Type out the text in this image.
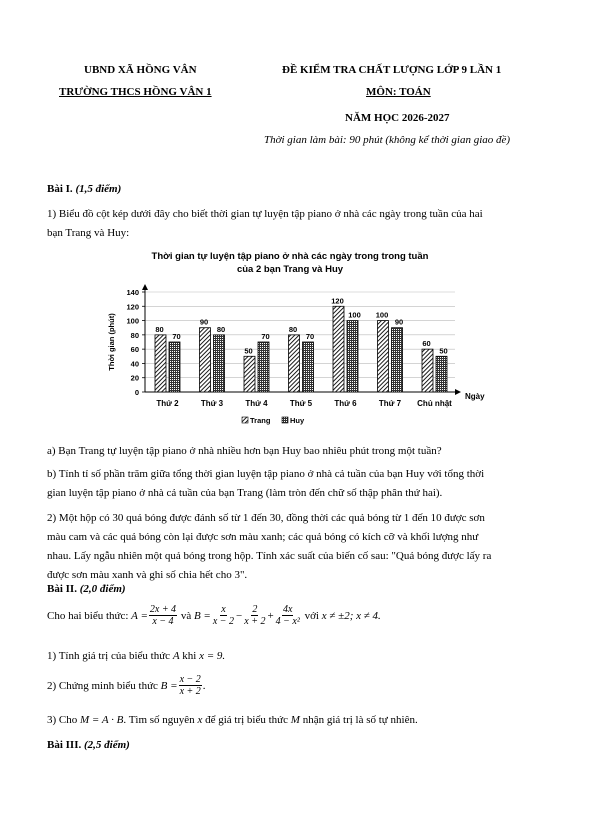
UBND XÃ HỒNG VÂN
TRƯỜNG THCS HỒNG VÂN 1
ĐỀ KIỂM TRA CHẤT LƯỢNG LỚP 9 LẦN 1
MÔN: TOÁN
NĂM HỌC 2026-2027
Thời gian làm bài: 90 phút (không kể thời gian giao đề)
Bài I. (1,5 điểm)
1) Biểu đồ cột kép dưới đây cho biết thời gian tự luyện tập piano ở nhà các ngày trong tuần của hai
bạn Trang và Huy:
Thời gian tự luyện tập piano ở nhà các ngày trong trong tuần
của 2 bạn Trang và Huy
0
20
40
60
80
100
120
140
Ngày
Thời gian (phút)	80
70
Thứ 2
90
80
Thứ 3
50
70
Thứ 4
80
70
Thứ 5
120
100
Thứ 6
100
90
Thứ 7
60
50
Chủ nhật
Trang	Huy
a) Bạn Trang tự luyện tập piano ở nhà nhiều hơn bạn Huy bao nhiêu phút trong một tuần?
b) Tính tỉ số phần trăm giữa tổng thời gian luyện tập piano ở nhà cả tuần của bạn Huy với tổng thời
gian luyện tập piano ở nhà cả tuần của bạn Trang (làm tròn đến chữ số thập phân thứ hai).
2) Một hộp có 30 quả bóng được đánh số từ 1 đến 30, đồng thời các quả bóng từ 1 đến 10 được sơn
màu cam và các quả bóng còn lại được sơn màu xanh; các quả bóng có kích cỡ và khối lượng như
nhau. Lấy ngẫu nhiên một quả bóng trong hộp. Tính xác suất của biến cố sau: "Quả bóng được lấy ra
được sơn màu xanh và ghi số chia hết cho 3".
Bài II. (2,0 điểm)
Cho hai biểu thức:
$A = \frac{2x + 4}{x - 4}$
và
$B = \frac{x}{x - 2} - \frac{2}{x + 2} + \frac{4x}{\text{4 − x²}}$
với
x ≠ ±2; x ≠ 4.
1) Tính giá trị của biểu thức A khi x = 9.
2) Chứng minh biểu thức
$B = \frac{x - 2}{x + 2}$ .
3) Cho M = A · B. Tìm số nguyên x để giá trị biểu thức M nhận giá trị là số tự nhiên.
Bài III. (2,5 điểm)
